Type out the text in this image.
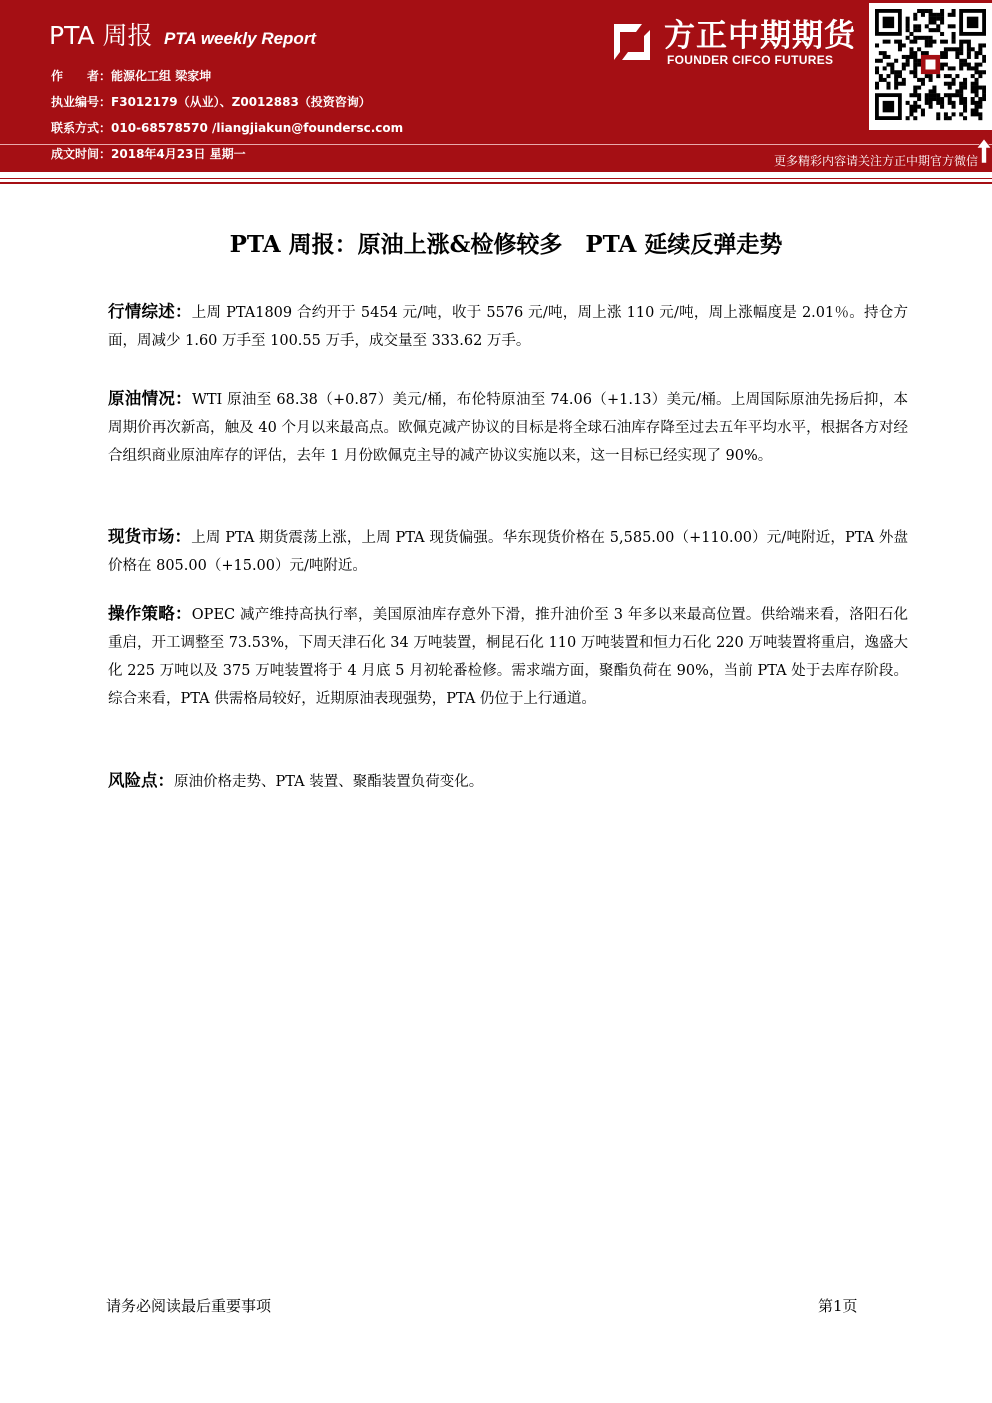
PTA 周报 PTA weekly Report
作　　者：能源化工组 梁家坤
执业编号：F3012179（从业）、Z0012883（投资咨询）
联系方式：010-68578570 /liangjiakun@foundersc.com
成文时间：2018年4月23日 星期一
方正中期期货
FOUNDER CIFCO FUTURES
更多精彩内容请关注方正中期官方微信
PTA 周报：原油上涨&检修较多　PTA 延续反弹走势
行情综述：上周 PTA1809 合约开于 5454 元/吨，收于 5576 元/吨，周上涨 110 元/吨，周上涨幅度是 2.01％。持仓方面，周减少 1.60 万手至 100.55 万手，成交量至 333.62 万手。
原油情况：WTI 原油至 68.38（+0.87）美元/桶，布伦特原油至 74.06（+1.13）美元/桶。上周国际原油先扬后抑，本周期价再次新高，触及 40 个月以来最高点。欧佩克减产协议的目标是将全球石油库存降至过去五年平均水平，根据各方对经合组织商业原油库存的评估，去年 1 月份欧佩克主导的减产协议实施以来，这一目标已经实现了 90%。
现货市场：上周 PTA 期货震荡上涨，上周 PTA 现货偏强。华东现货价格在 5,585.00（+110.00）元/吨附近，PTA 外盘价格在 805.00（+15.00）元/吨附近。
操作策略：OPEC 减产维持高执行率，美国原油库存意外下滑，推升油价至 3 年多以来最高位置。供给端来看，洛阳石化重启，开工调整至 73.53%，下周天津石化 34 万吨装置，桐昆石化 110 万吨装置和恒力石化 220 万吨装置将重启，逸盛大化 225 万吨以及 375 万吨装置将于 4 月底 5 月初轮番检修。需求端方面，聚酯负荷在 90%，当前 PTA 处于去库存阶段。综合来看，PTA 供需格局较好，近期原油表现强势，PTA 仍位于上行通道。
风险点：原油价格走势、PTA 装置、聚酯装置负荷变化。
请务必阅读最后重要事项	第1页
